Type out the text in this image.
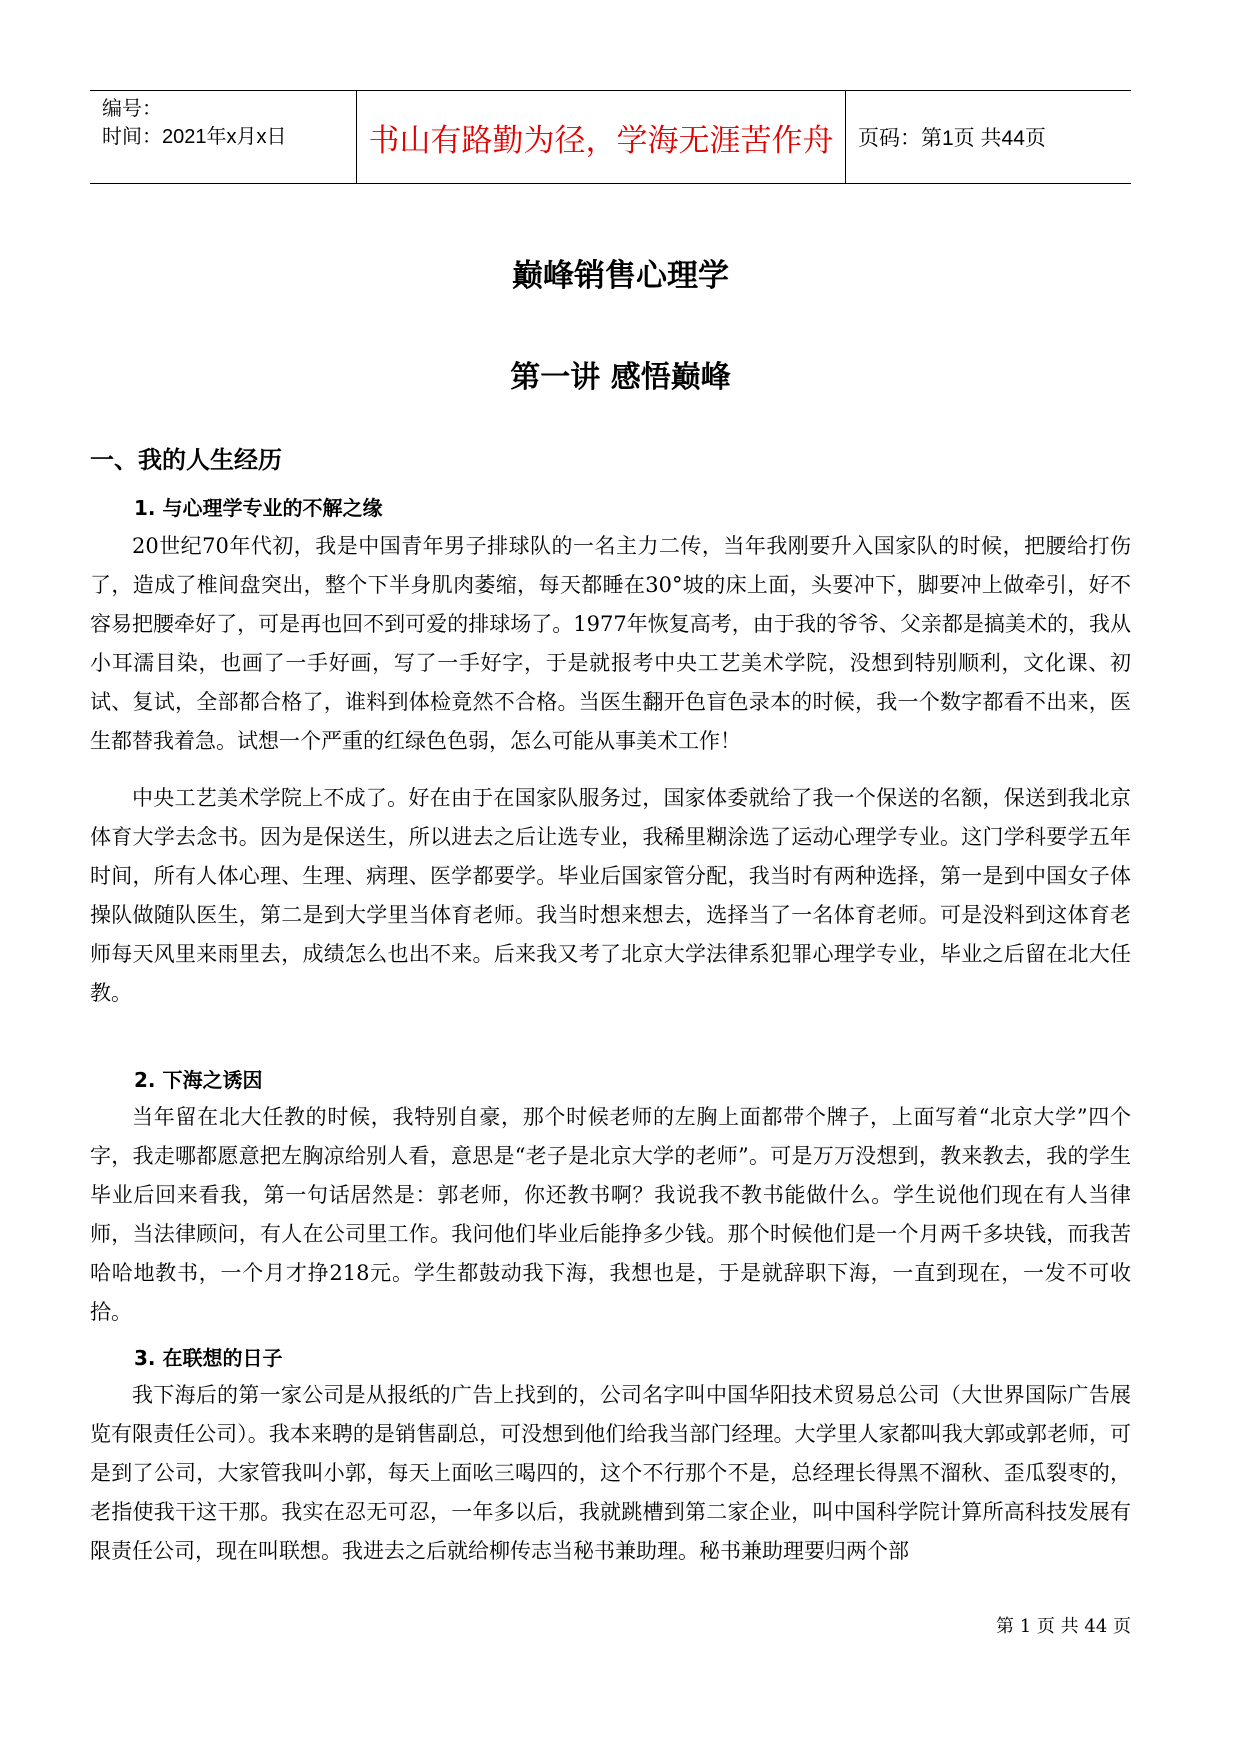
编号：
时间：2021年x月x日	书山有路勤为径，学海无涯苦作舟	页码：第1页 共44页
巅峰销售心理学
第一讲 感悟巅峰
一、我的人生经历
1. 与心理学专业的不解之缘

20世纪70年代初，我是中国青年男子排球队的一名主力二传，当年我刚要升入国家队的时候，把腰给打伤了，造成了椎间盘突出，整个下半身肌肉萎缩，每天都睡在30°坡的床上面，头要冲下，脚要冲上做牵引，好不容易把腰牵好了，可是再也回不到可爱的排球场了。1977年恢复高考，由于我的爷爷、父亲都是搞美术的，我从小耳濡目染，也画了一手好画，写了一手好字，于是就报考中央工艺美术学院，没想到特别顺利，文化课、初试、复试，全部都合格了，谁料到体检竟然不合格。当医生翻开色盲色录本的时候，我一个数字都看不出来，医生都替我着急。试想一个严重的红绿色色弱，怎么可能从事美术工作！

中央工艺美术学院上不成了。好在由于在国家队服务过，国家体委就给了我一个保送的名额，保送到我北京体育大学去念书。因为是保送生，所以进去之后让选专业，我稀里糊涂选了运动心理学专业。这门学科要学五年时间，所有人体心理、生理、病理、医学都要学。毕业后国家管分配，我当时有两种选择，第一是到中国女子体操队做随队医生，第二是到大学里当体育老师。我当时想来想去，选择当了一名体育老师。可是没料到这体育老师每天风里来雨里去，成绩怎么也出不来。后来我又考了北京大学法律系犯罪心理学专业，毕业之后留在北大任教。

2. 下海之诱因

当年留在北大任教的时候，我特别自豪，那个时候老师的左胸上面都带个牌子，上面写着“北京大学”四个字，我走哪都愿意把左胸凉给别人看，意思是“老子是北京大学的老师”。可是万万没想到，教来教去，我的学生毕业后回来看我，第一句话居然是：郭老师，你还教书啊？我说我不教书能做什么。学生说他们现在有人当律师，当法律顾问，有人在公司里工作。我问他们毕业后能挣多少钱。那个时候他们是一个月两千多块钱，而我苦哈哈地教书，一个月才挣218元。学生都鼓动我下海，我想也是，于是就辞职下海，一直到现在，一发不可收拾。

3. 在联想的日子

我下海后的第一家公司是从报纸的广告上找到的，公司名字叫中国华阳技术贸易总公司（大世界国际广告展览有限责任公司）。我本来聘的是销售副总，可没想到他们给我当部门经理。大学里人家都叫我大郭或郭老师，可是到了公司，大家管我叫小郭，每天上面吆三喝四的，这个不行那个不是，总经理长得黑不溜秋、歪瓜裂枣的，老指使我干这干那。我实在忍无可忍，一年多以后，我就跳槽到第二家企业，叫中国科学院计算所高科技发展有限责任公司，现在叫联想。我进去之后就给柳传志当秘书兼助理。秘书兼助理要归两个部

第 1 页 共 44 页
